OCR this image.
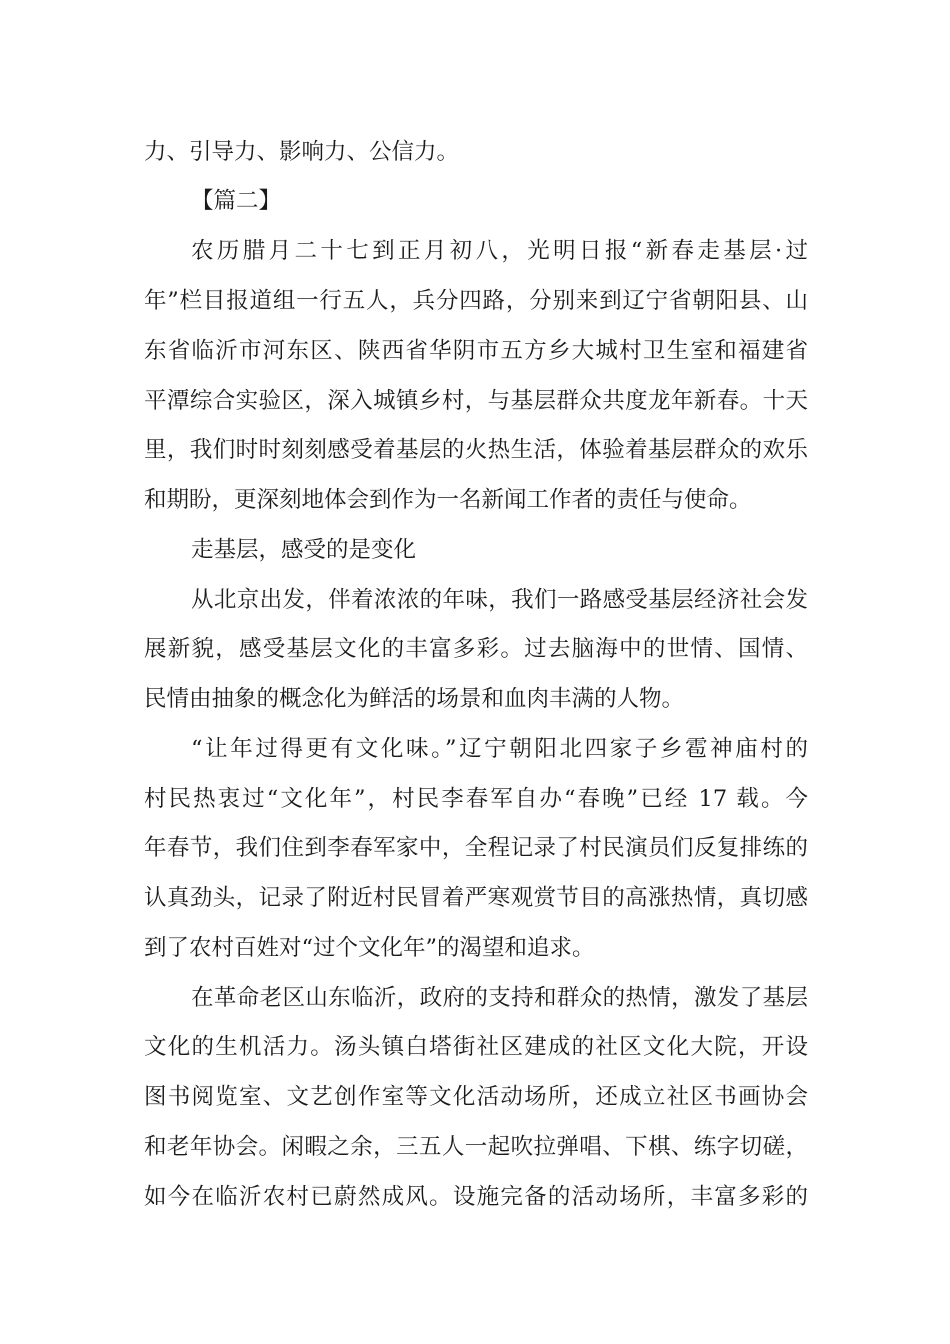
力、引导力、影响力、公信力。
【篇二】
农历腊月二十七到正月初八，光明日报“新春走基层·过
年”栏目报道组一行五人，兵分四路，分别来到辽宁省朝阳县、山
东省临沂市河东区、陕西省华阴市五方乡大城村卫生室和福建省
平潭综合实验区，深入城镇乡村，与基层群众共度龙年新春。十天
里，我们时时刻刻感受着基层的火热生活，体验着基层群众的欢乐
和期盼，更深刻地体会到作为一名新闻工作者的责任与使命。
走基层，感受的是变化
从北京出发，伴着浓浓的年味，我们一路感受基层经济社会发
展新貌，感受基层文化的丰富多彩。过去脑海中的世情、国情、
民情由抽象的概念化为鲜活的场景和血肉丰满的人物。
“让年过得更有文化味。”辽宁朝阳北四家子乡雹神庙村的
村民热衷过“文化年”，村民李春军自办“春晚”已经 17 载。今
年春节，我们住到李春军家中，全程记录了村民演员们反复排练的
认真劲头，记录了附近村民冒着严寒观赏节目的高涨热情，真切感
到了农村百姓对“过个文化年”的渴望和追求。
在革命老区山东临沂，政府的支持和群众的热情，激发了基层
文化的生机活力。汤头镇白塔街社区建成的社区文化大院，开设
图书阅览室、文艺创作室等文化活动场所，还成立社区书画协会
和老年协会。闲暇之余，三五人一起吹拉弹唱、下棋、练字切磋，
如今在临沂农村已蔚然成风。设施完备的活动场所，丰富多彩的
